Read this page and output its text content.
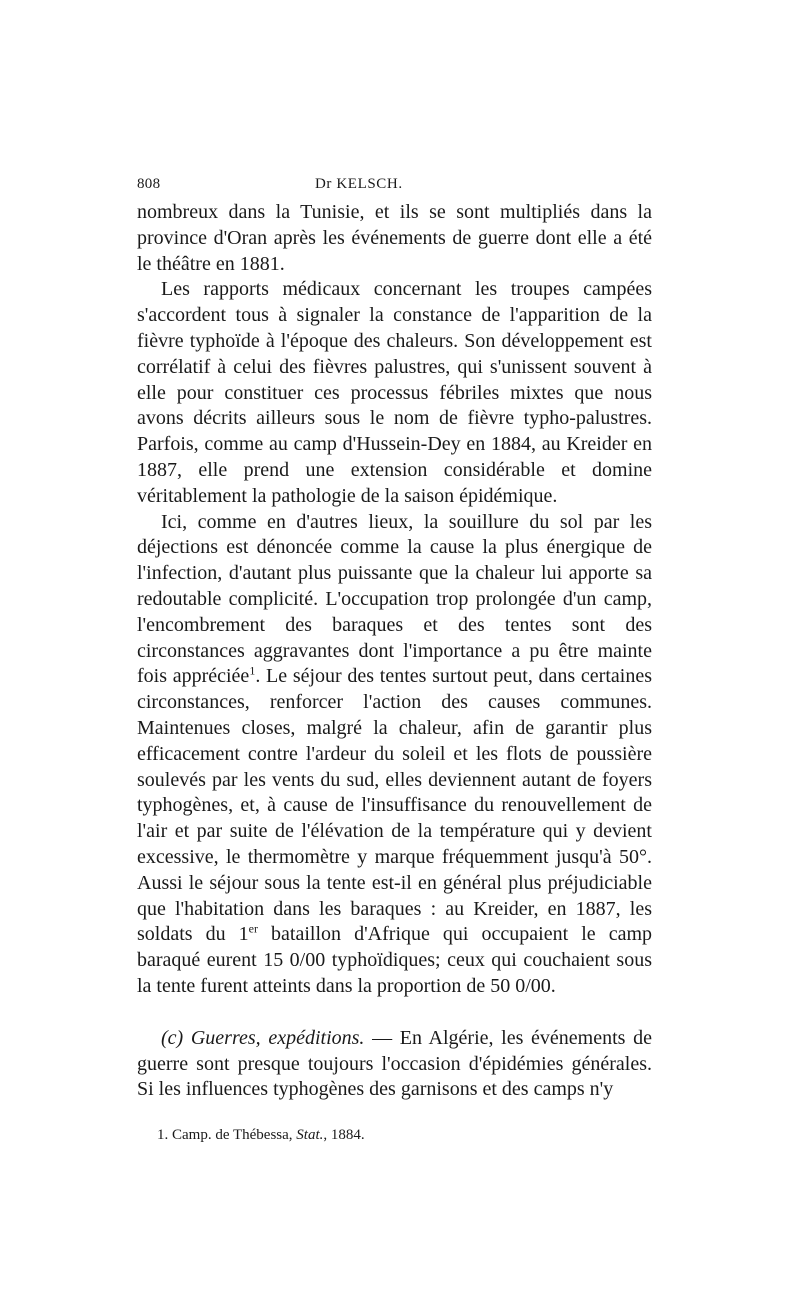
808	Dr KELSCH.

nombreux dans la Tunisie, et ils se sont multipliés dans la province d'Oran après les événements de guerre dont elle a été le théâtre en 1881.

Les rapports médicaux concernant les troupes campées s'accordent tous à signaler la constance de l'apparition de la fièvre typhoïde à l'époque des chaleurs. Son développement est corrélatif à celui des fièvres palustres, qui s'unissent souvent à elle pour constituer ces processus fébriles mixtes que nous avons décrits ailleurs sous le nom de fièvre typho-palustres. Parfois, comme au camp d'Hussein-Dey en 1884, au Kreider en 1887, elle prend une extension considérable et domine véritablement la pathologie de la saison épidémique.

Ici, comme en d'autres lieux, la souillure du sol par les déjections est dénoncée comme la cause la plus énergique de l'infection, d'autant plus puissante que la chaleur lui apporte sa redoutable complicité. L'occupation trop prolongée d'un camp, l'encombrement des baraques et des tentes sont des circonstances aggravantes dont l'importance a pu être mainte fois appréciée$^1$. Le séjour des tentes surtout peut, dans certaines circonstances, renforcer l'action des causes communes. Maintenues closes, malgré la chaleur, afin de garantir plus efficacement contre l'ardeur du soleil et les flots de poussière soulevés par les vents du sud, elles deviennent autant de foyers typhogènes, et, à cause de l'insuffisance du renouvellement de l'air et par suite de l'élévation de la température qui y devient excessive, le thermomètre y marque fréquemment jusqu'à 50°. Aussi le séjour sous la tente est-il en général plus préjudiciable que l'habitation dans les baraques : au Kreider, en 1887, les soldats du 1er bataillon d'Afrique qui occupaient le camp baraqué eurent 15 0/00 typhoïdiques; ceux qui couchaient sous la tente furent atteints dans la proportion de 50 0/00.

(c) Guerres, expéditions. — En Algérie, les événements de guerre sont presque toujours l'occasion d'épidémies générales. Si les influences typhogènes des garnisons et des camps n'y

1. Camp. de Thébessa, Stat., 1884.
